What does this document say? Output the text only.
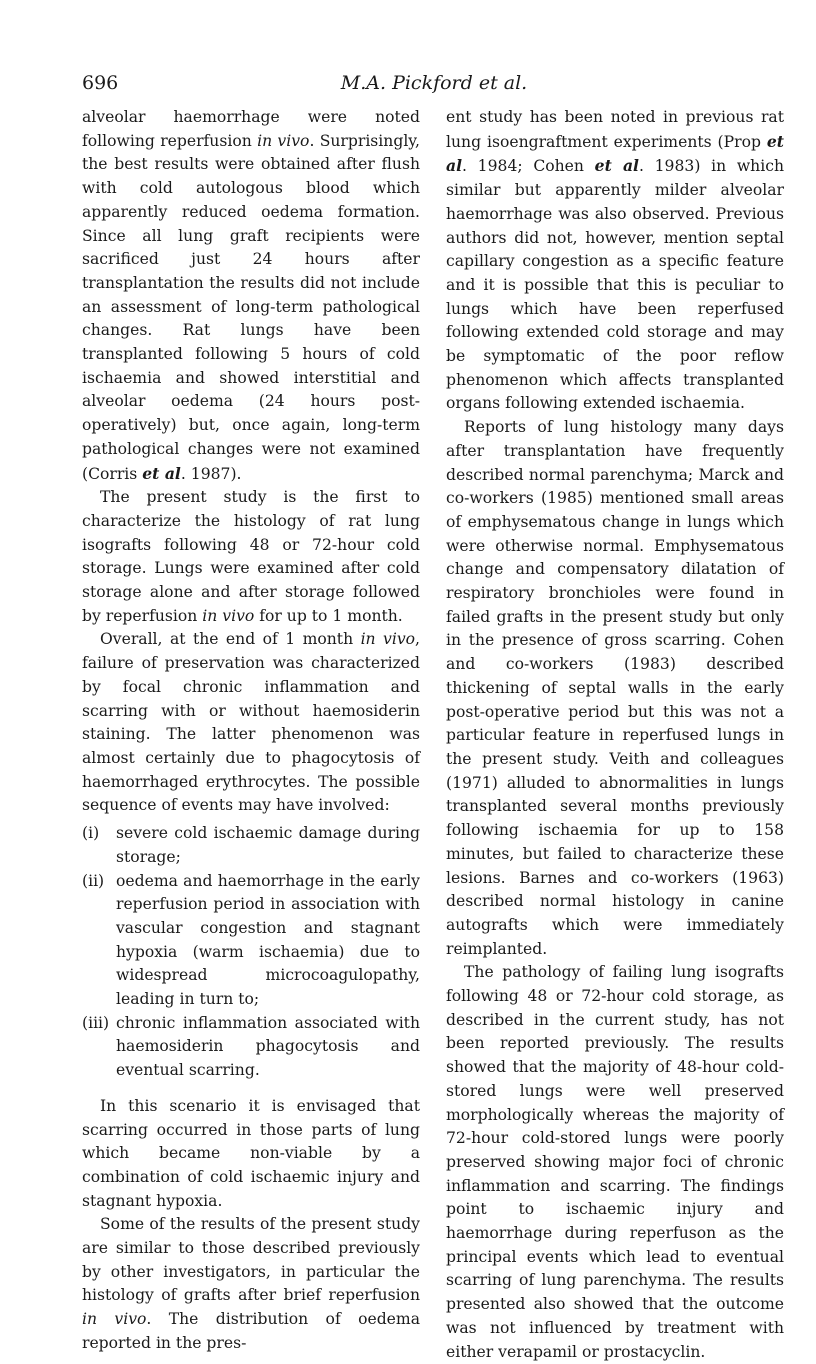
M.A. Pickford et al.
696

alveolar haemorrhage were noted following reperfusion in vivo. Surprisingly, the best results were obtained after flush with cold autologous blood which apparently reduced oedema formation. Since all lung graft recipients were sacrificed just 24 hours after transplantation the results did not include an assessment of long-term pathological changes. Rat lungs have been transplanted following 5 hours of cold ischaemia and showed interstitial and alveolar oedema (24 hours post-operatively) but, once again, long-term pathological changes were not examined (Corris et al. 1987).

The present study is the first to characterize the histology of rat lung isografts following 48 or 72-hour cold storage. Lungs were examined after cold storage alone and after storage followed by reperfusion in vivo for up to 1 month.

Overall, at the end of 1 month in vivo, failure of preservation was characterized by focal chronic inflammation and scarring with or without haemosiderin staining. The latter phenomenon was almost certainly due to phagocytosis of haemorrhaged erythrocytes. The possible sequence of events may have involved:

(i) severe cold ischaemic damage during storage;
(ii) oedema and haemorrhage in the early reperfusion period in association with vascular congestion and stagnant hypoxia (warm ischaemia) due to widespread microcoagulopathy, leading in turn to;
(iii) chronic inflammation associated with haemosiderin phagocytosis and eventual scarring.

In this scenario it is envisaged that scarring occurred in those parts of lung which became non-viable by a combination of cold ischaemic injury and stagnant hypoxia.

Some of the results of the present study are similar to those described previously by other investigators, in particular the histology of grafts after brief reperfusion in vivo. The distribution of oedema reported in the pres-

ent study has been noted in previous rat lung isoengraftment experiments (Prop et al. 1984; Cohen et al. 1983) in which similar but apparently milder alveolar haemorrhage was also observed. Previous authors did not, however, mention septal capillary congestion as a specific feature and it is possible that this is peculiar to lungs which have been reperfused following extended cold storage and may be symptomatic of the poor reflow phenomenon which affects transplanted organs following extended ischaemia.

Reports of lung histology many days after transplantation have frequently described normal parenchyma; Marck and co-workers (1985) mentioned small areas of emphysematous change in lungs which were otherwise normal. Emphysematous change and compensatory dilatation of respiratory bronchioles were found in failed grafts in the present study but only in the presence of gross scarring. Cohen and co-workers (1983) described thickening of septal walls in the early post-operative period but this was not a particular feature in reperfused lungs in the present study. Veith and colleagues (1971) alluded to abnormalities in lungs transplanted several months previously following ischaemia for up to 158 minutes, but failed to characterize these lesions. Barnes and co-workers (1963) described normal histology in canine autografts which were immediately reimplanted.

The pathology of failing lung isografts following 48 or 72-hour cold storage, as described in the current study, has not been reported previously. The results showed that the majority of 48-hour cold-stored lungs were well preserved morphologically whereas the majority of 72-hour cold-stored lungs were poorly preserved showing major foci of chronic inflammation and scarring. The findings point to ischaemic injury and haemorrhage during reperfuson as the principal events which lead to eventual scarring of lung parenchyma. The results presented also showed that the outcome was not influenced by treatment with either verapamil or prostacyclin.
